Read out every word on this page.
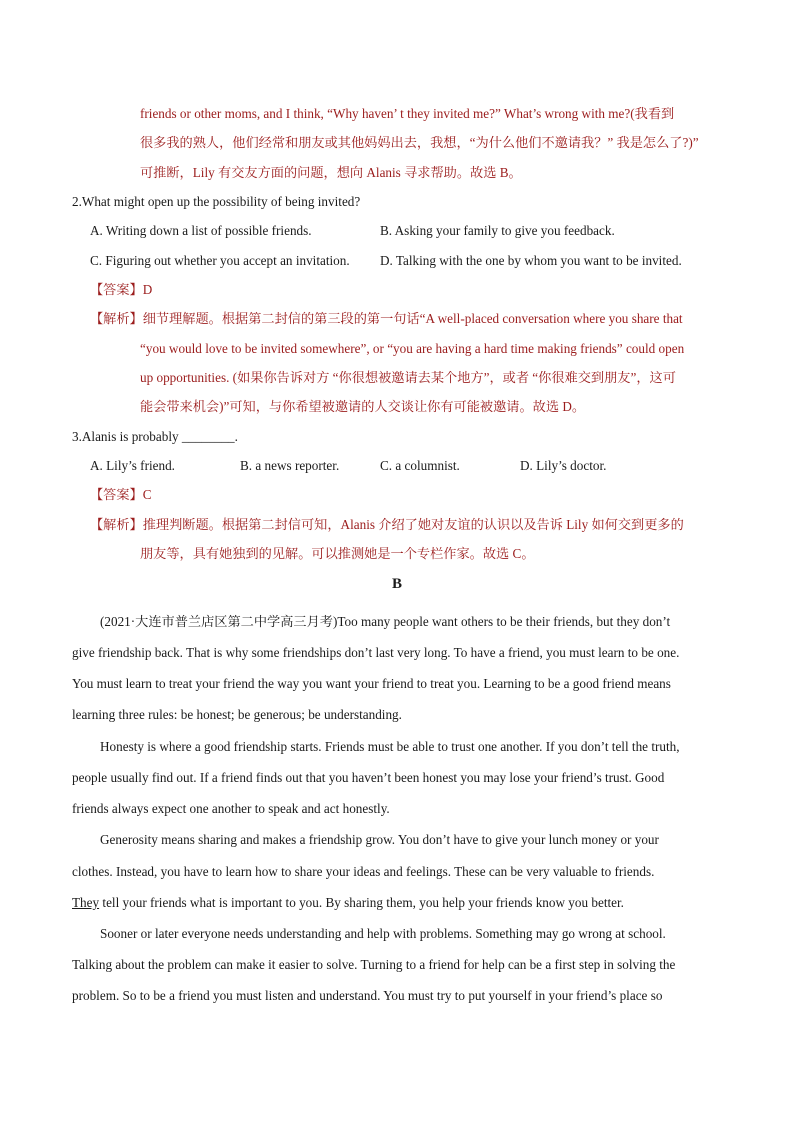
friends or other moms, and I think, “Why haven’ t they invited me?” What’s wrong with me?(我看到
很多我的熟人，他们经常和朋友或其他妈妈出去，我想，“为什么他们不邀请我？” 我是怎么了?)”
可推断，Lily 有交友方面的问题，想向 Alanis 寻求帮助。故选 B。
2.What might open up the possibility of being invited?
A. Writing down a list of possible friends.	B. Asking your family to give you feedback.
C. Figuring out whether you accept an invitation. D. Talking with the one by whom you want to be invited.
【答案】D
【解析】细节理解题。根据第二封信的第三段的第一句话“A well-placed conversation where you share that
“you would love to be invited somewhere”, or “you are having a hard time making friends” could open
up opportunities. (如果你告诉对方 “你很想被邀请去某个地方”，或者 “你很难交到朋友”，这可
能会带来机会)”可知，与你希望被邀请的人交谈让你有可能被邀请。故选 D。
3.Alanis is probably ________.
A. Lily’s friend.	B. a news reporter.	C. a columnist.	D. Lily’s doctor.
【答案】C
【解析】推理判断题。根据第二封信可知，Alanis 介绍了她对友谊的认识以及告诉 Lily 如何交到更多的
朋友等，具有她独到的见解。可以推测她是一个专栏作家。故选 C。
B
(2021·大连市普兰店区第二中学高三月考)Too many people want others to be their friends, but they don’t
give friendship back. That is why some friendships don’t last very long. To have a friend, you must learn to be one.
You must learn to treat your friend the way you want your friend to treat you. Learning to be a good friend means
learning three rules: be honest; be generous; be understanding.
Honesty is where a good friendship starts. Friends must be able to trust one another. If you don’t tell the truth,
people usually find out. If a friend finds out that you haven’t been honest you may lose your friend’s trust. Good
friends always expect one another to speak and act honestly.
Generosity means sharing and makes a friendship grow. You don’t have to give your lunch money or your
clothes. Instead, you have to learn how to share your ideas and feelings. These can be very valuable to friends.
They tell your friends what is important to you. By sharing them, you help your friends know you better.
Sooner or later everyone needs understanding and help with problems. Something may go wrong at school.
Talking about the problem can make it easier to solve. Turning to a friend for help can be a first step in solving the
problem. So to be a friend you must listen and understand. You must try to put yourself in your friend’s place so
